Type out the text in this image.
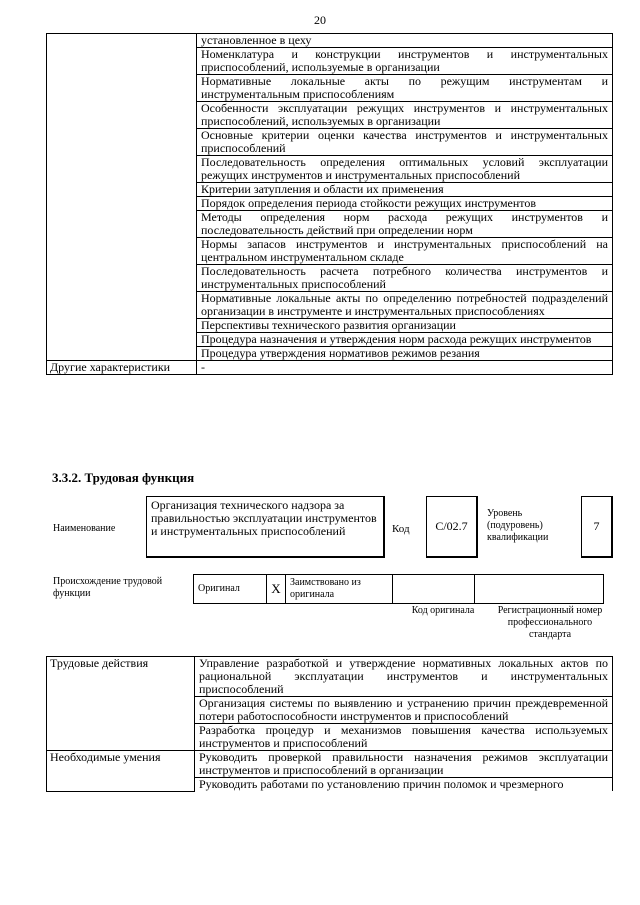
20
	установленное в цеху
	Номенклатура и конструкции инструментов и инструментальных приспособлений, используемые в организации
	Нормативные локальные акты по режущим инструментам и инструментальным приспособлениям
	Особенности эксплуатации режущих инструментов и инструментальных приспособлений, используемых в организации
	Основные критерии оценки качества инструментов и инструментальных приспособлений
	Последовательность определения оптимальных условий эксплуатации режущих инструментов и инструментальных приспособлений
	Критерии затупления и области их применения
	Порядок определения периода стойкости режущих инструментов
	Методы определения норм расхода режущих инструментов и последовательность действий при определении норм
	Нормы запасов инструментов и инструментальных приспособлений на центральном инструментальном складе
	Последовательность расчета потребного количества инструментов и инструментальных приспособлений
	Нормативные локальные акты по определению потребностей подразделений организации в инструменте и инструментальных приспособлениях
	Перспективы технического развития организации
	Процедура назначения и утверждения норм расхода режущих инструментов
	Процедура утверждения нормативов режимов резания
Другие характеристики	-
3.3.2. Трудовая функция
Наименование
Организация технического надзора за правильностью эксплуатации инструментов и инструментальных приспособлений	Код	С/02.7
Уровень (подуровень) квалификации
7
Происхождение трудовой функции	Оригинал	X	Заимствовано из оригинала		
Код оригинала	Регистрационный номер профессионального стандарта
Трудовые действия	Управление разработкой и утверждение нормативных локальных актов по рациональной эксплуатации инструментов и инструментальных приспособлений
	Организация системы по выявлению и устранению причин преждевременной потери работоспособности инструментов и приспособлений
	Разработка процедур и механизмов повышения качества используемых инструментов и приспособлений
Необходимые умения	Руководить проверкой правильности назначения режимов эксплуатации инструментов и приспособлений в организации
	Руководить работами по установлению причин поломок и чрезмерного
